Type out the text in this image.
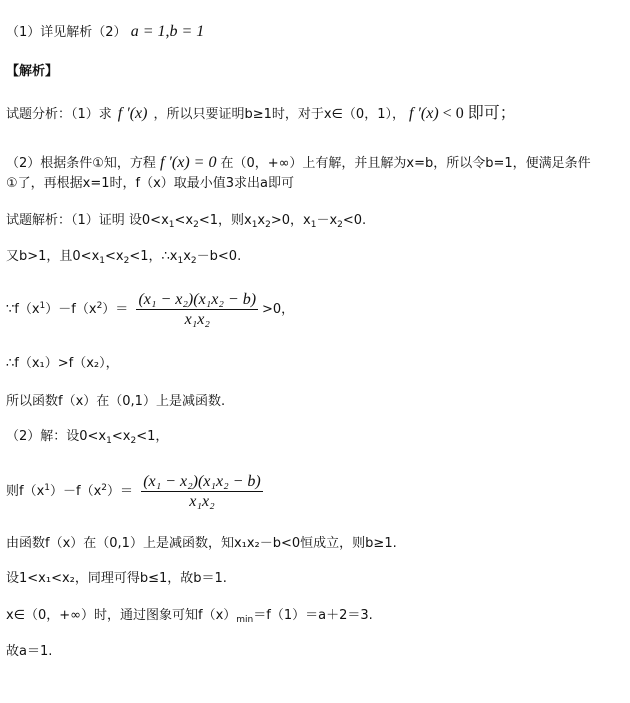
（1）详见解析（2） a = 1,b = 1
【解析】
试题分析：（1）求 f ′(x) ，所以只要证明b≥1时，对于x∈（0，1）， f ′(x) < 0 即可；
（2）根据条件①知，方程 f ′(x) = 0 在（0，+∞）上有解，并且解为x=b，所以令b=1，便满足条件
①了，再根据x=1时，f（x）取最小值3求出a即可
试题解析：（1）证明 设$0<x_1<x_2<1$，则$x_1x_2>0$，$x_1-x_2<0$.
又b>1，且$0<x_1<x_2<1$，$\therefore x_1x_2-b<0$.
$\because f(x^1)-f(x^2)= \frac{\text{(x₁ − x₂)(x₁x₂ − b)}}{\text{x₁x₂}} >0$，
∴f（x₁）>f（x₂），
所以函数f（x）在（0,1）上是减函数.
（2）解：设$0<x_1<x_2<1$，
则$f(x^1)-f(x^2)= \frac{\text{(x₁ − x₂)(x₁x₂ − b)}}{\text{x₁x₂}}$
由函数f（x）在（0,1）上是减函数，知x₁x₂－b<0恒成立，则b≥1.
设1<x₁<x₂，同理可得b≤1，故b＝1.
x∈（0，+∞）时，通过图象可知$f(x)_{min}=f(1)=a+2=3$.
故a＝1.
